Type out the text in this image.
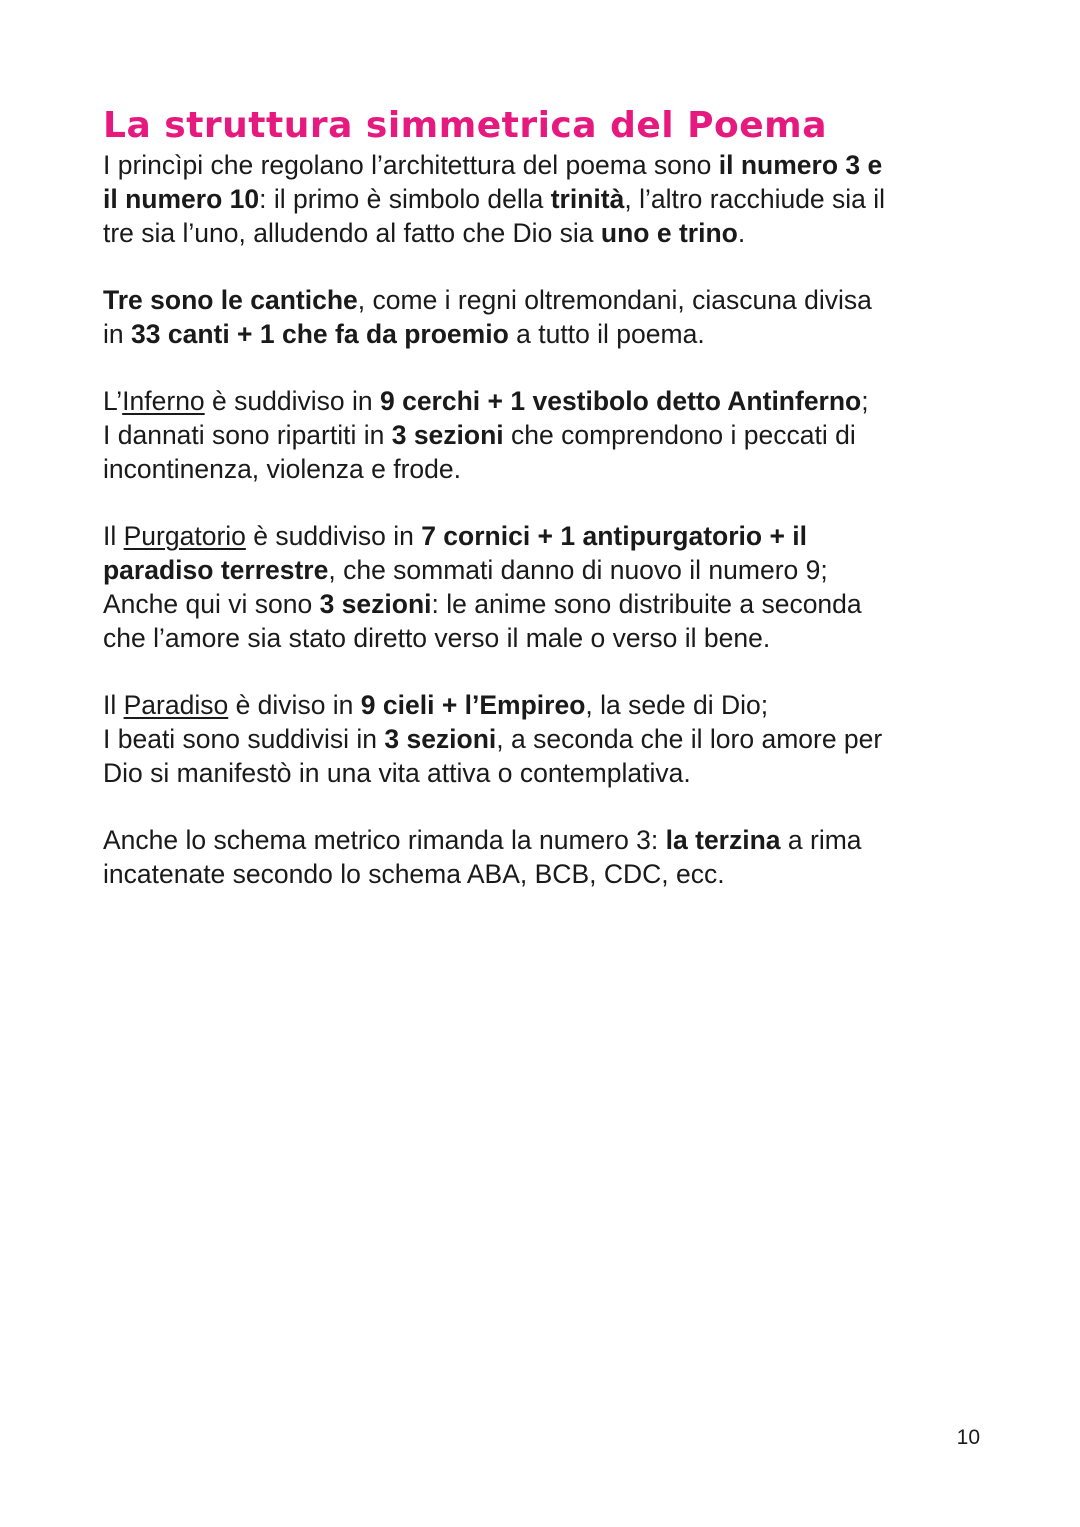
La struttura simmetrica del Poema

I princìpi che regolano l’architettura del poema sono il numero 3 e
il numero 10: il primo è simbolo della trinità, l’altro racchiude sia il
tre sia l’uno, alludendo al fatto che Dio sia uno e trino.

Tre sono le cantiche, come i regni oltremondani, ciascuna divisa
in 33 canti + 1 che fa da proemio a tutto il poema.

L’Inferno è suddiviso in 9 cerchi + 1 vestibolo detto Antinferno;
I dannati sono ripartiti in 3 sezioni che comprendono i peccati di
incontinenza, violenza e frode.

Il Purgatorio è suddiviso in 7 cornici + 1 antipurgatorio + il
paradiso terrestre, che sommati danno di nuovo il numero 9;
Anche qui vi sono 3 sezioni: le anime sono distribuite a seconda
che l’amore sia stato diretto verso il male o verso il bene.

Il Paradiso è diviso in 9 cieli + l’Empireo, la sede di Dio;
I beati sono suddivisi in 3 sezioni, a seconda che il loro amore per
Dio si manifestò in una vita attiva o contemplativa.

Anche lo schema metrico rimanda la numero 3: la terzina a rima
incatenate secondo lo schema ABA, BCB, CDC, ecc.

10
